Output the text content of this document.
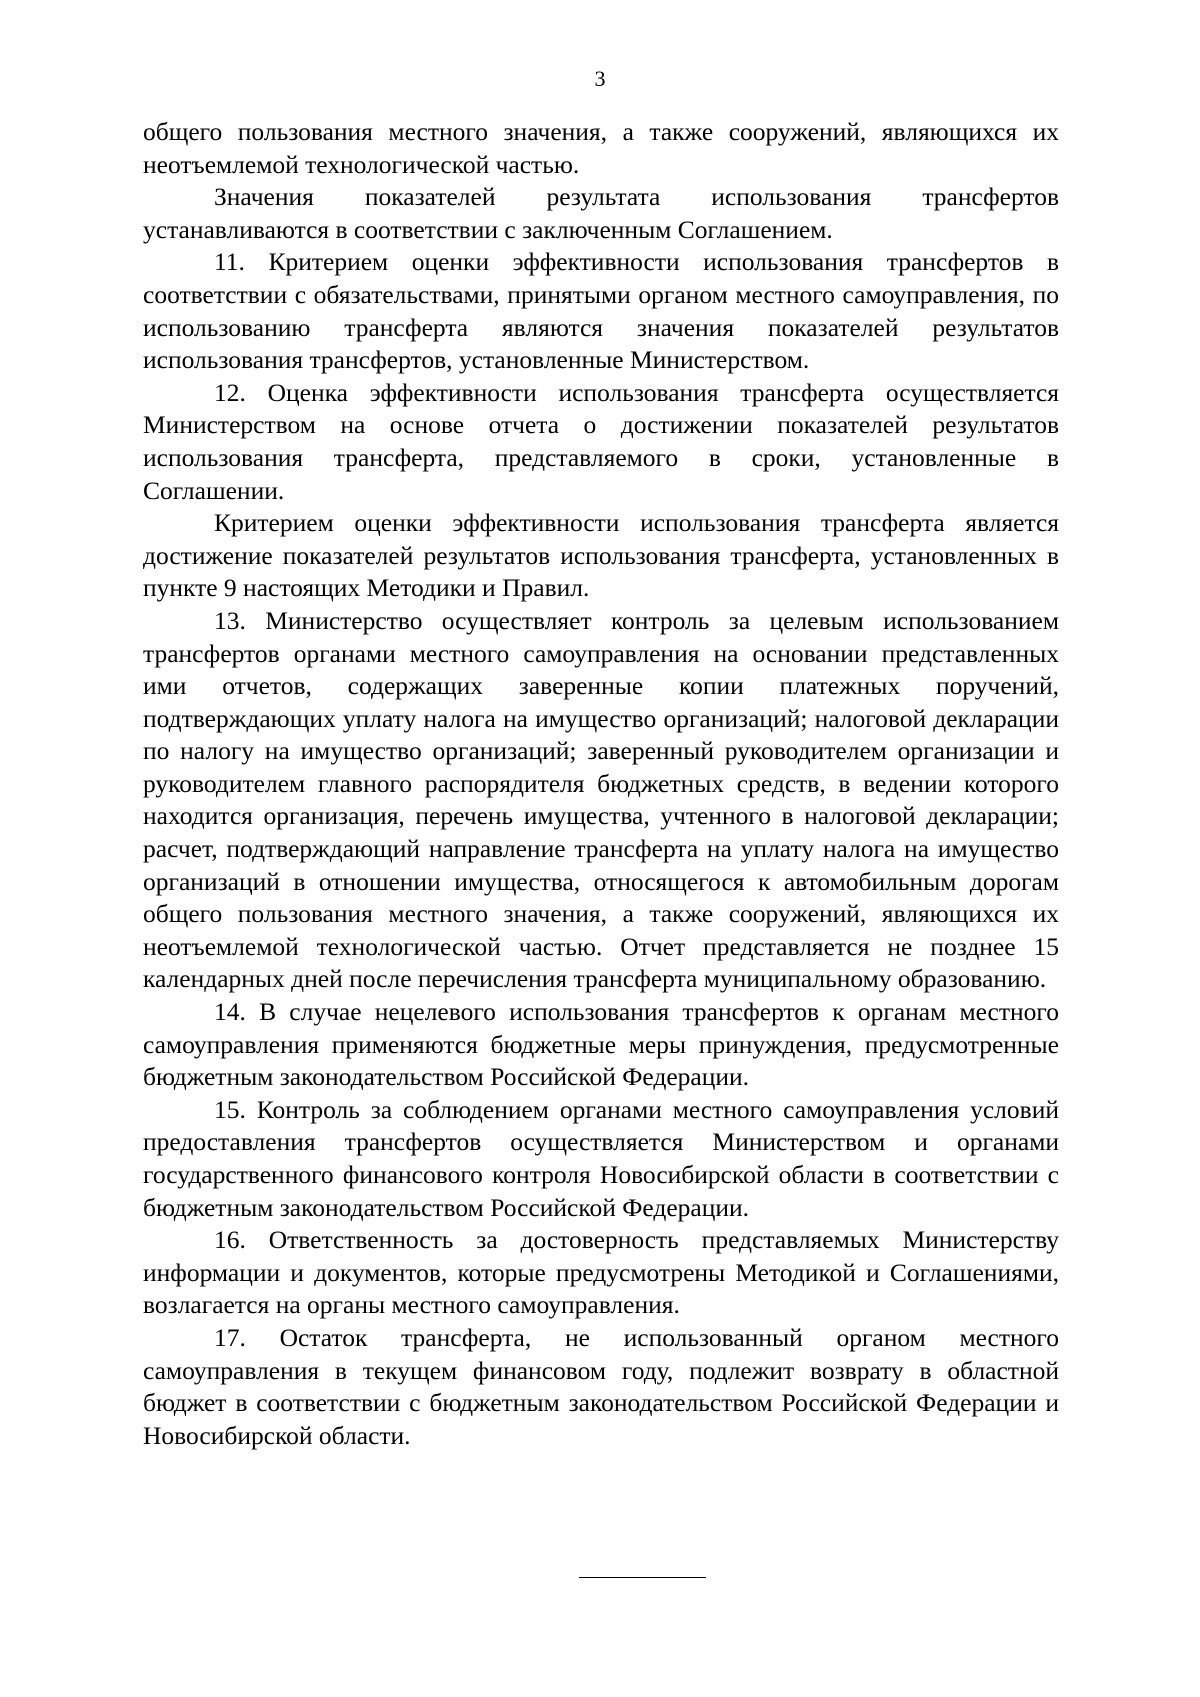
3

общего пользования местного значения, а также сооружений, являющихся их неотъемлемой технологической частью.

Значения показателей результата использования трансфертов устанавливаются в соответствии с заключенным Соглашением.

11. Критерием оценки эффективности использования трансфертов в соответствии с обязательствами, принятыми органом местного самоуправления, по использованию трансферта являются значения показателей результатов использования трансфертов, установленные Министерством.

12. Оценка эффективности использования трансферта осуществляется Министерством на основе отчета о достижении показателей результатов использования трансферта, представляемого в сроки, установленные в Соглашении.

Критерием оценки эффективности использования трансферта является достижение показателей результатов использования трансферта, установленных в пункте 9 настоящих Методики и Правил.

13. Министерство осуществляет контроль за целевым использованием трансфертов органами местного самоуправления на основании представленных ими отчетов, содержащих заверенные копии платежных поручений, подтверждающих уплату налога на имущество организаций; налоговой декларации по налогу на имущество организаций; заверенный руководителем организации и руководителем главного распорядителя бюджетных средств, в ведении которого находится организация, перечень имущества, учтенного в налоговой декларации; расчет, подтверждающий направление трансферта на уплату налога на имущество организаций в отношении имущества, относящегося к автомобильным дорогам общего пользования местного значения, а также сооружений, являющихся их неотъемлемой технологической частью. Отчет представляется не позднее 15 календарных дней после перечисления трансферта муниципальному образованию.

14. В случае нецелевого использования трансфертов к органам местного самоуправления применяются бюджетные меры принуждения, предусмотренные бюджетным законодательством Российской Федерации.

15. Контроль за соблюдением органами местного самоуправления условий предоставления трансфертов осуществляется Министерством и органами государственного финансового контроля Новосибирской области в соответствии с бюджетным законодательством Российской Федерации.

16. Ответственность за достоверность представляемых Министерству информации и документов, которые предусмотрены Методикой и Соглашениями, возлагается на органы местного самоуправления.

17. Остаток трансферта, не использованный органом местного самоуправления в текущем финансовом году, подлежит возврату в областной бюджет в соответствии с бюджетным законодательством Российской Федерации и Новосибирской области.
